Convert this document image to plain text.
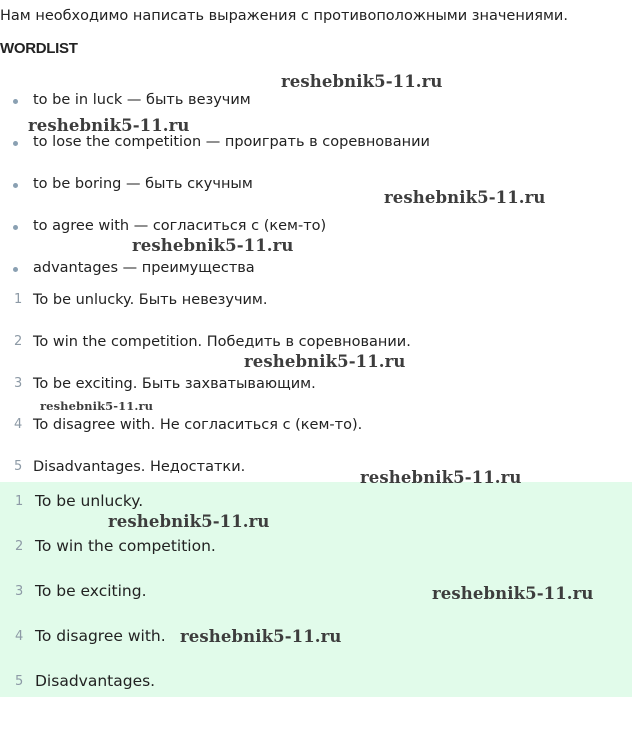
Нам необходимо написать выражения с противоположными значениями.
WORDLIST
to be in luck — быть везучим
to lose the competition — проиграть в соревновании
to be boring — быть скучным
to agree with — согласиться с (кем-то)
advantages — преимущества
1 To be unlucky. Быть невезучим.
2 To win the competition. Победить в соревновании.
3 To be exciting. Быть захватывающим.
4 To disagree with. Не согласиться с (кем-то).
5 Disadvantages. Недостатки.
1 To be unlucky.
2 To win the competition.
3 To be exciting.
4 To disagree with.
5 Disadvantages.
reshebnik5-11.ru
reshebnik5-11.ru
reshebnik5-11.ru
reshebnik5-11.ru
reshebnik5-11.ru
reshebnik5-11.ru
reshebnik5-11.ru
reshebnik5-11.ru
reshebnik5-11.ru
reshebnik5-11.ru
